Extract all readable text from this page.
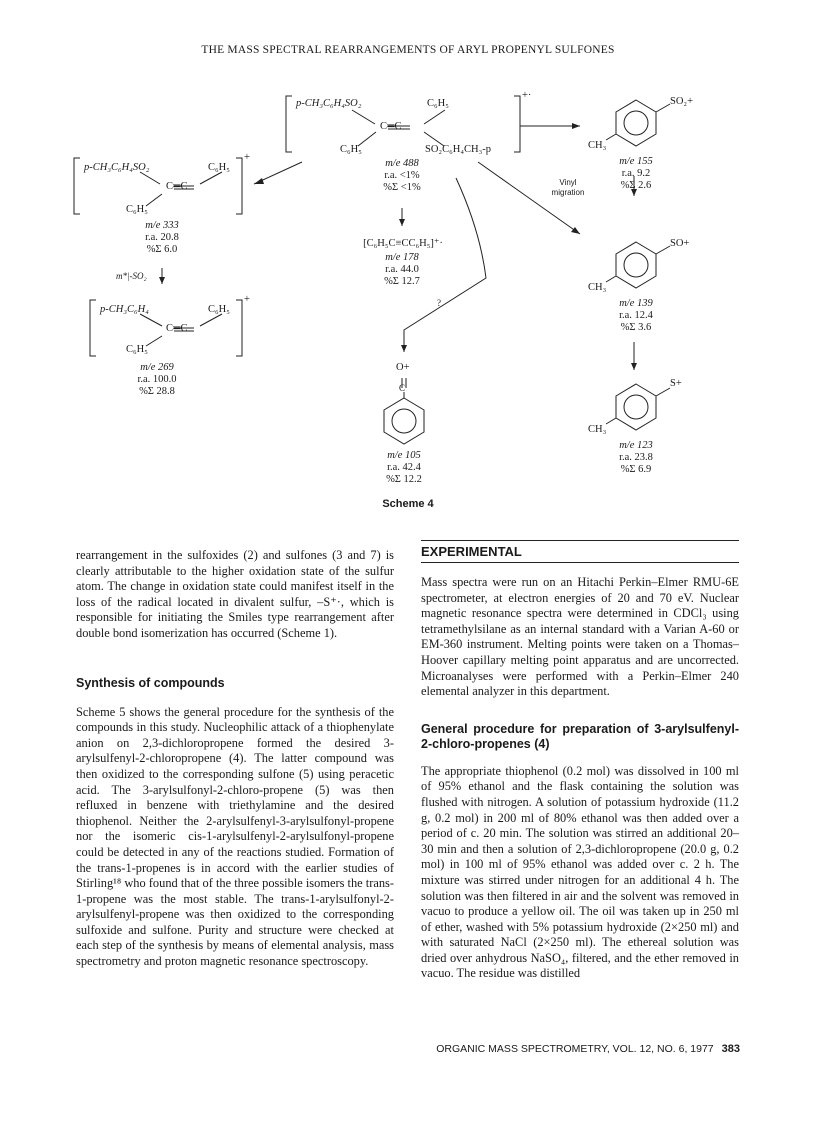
THE MASS SPECTRAL REARRANGEMENTS OF ARYL PROPENYL SULFONES
p-CH₃C₆H₄SO₂	C₆H₅
C═C
C₆H₅	SO₂C₆H₄CH₃-p
+·
m/e 488
r.a. <1%
%Σ <1%
p-CH₃C₆H₄SO₂	C₆H₅
C═C
C₆H₅
+
m/e 333
r.a. 20.8
%Σ 6.0
m*|-SO₂
p-CH₃C₆H₄	C₆H₅
C═C
C₆H₅
+
m/e 269
r.a. 100.0
%Σ 28.8
[C₆H₅C≡CC₆H₅]⁺·
m/e 178
r.a. 44.0
%Σ 12.7
?
O+
C
m/e 105
r.a. 42.4
%Σ 12.2
SO₂+
CH₃
m/e 155
r.a. 9.2
%Σ 2.6
Vinyl
migration
SO+
CH₃
m/e 139
r.a. 12.4
%Σ 3.6
S+
CH₃
m/e 123
r.a. 23.8
%Σ 6.9
Scheme 4

rearrangement in the sulfoxides (2) and sulfones (3 and 7) is clearly attributable to the higher oxidation state of the sulfur atom. The change in oxidation state could manifest itself in the loss of the radical located in divalent sulfur, –S⁺·, which is responsible for initiating the Smiles type rearrangement after double bond isomerization has occurred (Scheme 1).

Synthesis of compounds

Scheme 5 shows the general procedure for the synthesis of the compounds in this study. Nucleophilic attack of a thiophenylate anion on 2,3-dichloropropene formed the desired 3-arylsulfenyl-2-chloropropene (4). The latter compound was then oxidized to the corresponding sulfone (5) using peracetic acid. The 3-arylsulfonyl-2-chloro-propene (5) was then refluxed in benzene with triethylamine and the desired thiophenol. Neither the 2-arylsulfenyl-3-arylsulfonyl-propene nor the isomeric cis-1-arylsulfenyl-2-arylsulfonyl-propene could be detected in any of the reactions studied. Formation of the trans-1-propenes is in accord with the earlier studies of Stirling¹⁸ who found that of the three possible isomers the trans-1-propene was the most stable. The trans-1-arylsulfonyl-2-arylsulfenyl-propene was then oxidized to the corresponding sulfoxide and sulfone. Purity and structure were checked at each step of the synthesis by means of elemental analysis, mass spectrometry and proton magnetic resonance spectroscopy.

EXPERIMENTAL

Mass spectra were run on an Hitachi Perkin–Elmer RMU-6E spectrometer, at electron energies of 20 and 70 eV. Nuclear magnetic resonance spectra were determined in CDCl₃ using tetramethylsilane as an internal standard with a Varian A-60 or EM-360 instrument. Melting points were taken on a Thomas–Hoover capillary melting point apparatus and are uncorrected. Microanalyses were performed with a Perkin–Elmer 240 elemental analyzer in this department.

General procedure for preparation of 3-arylsulfenyl-2-chloro-propenes (4)

The appropriate thiophenol (0.2 mol) was dissolved in 100 ml of 95% ethanol and the flask containing the solution was flushed with nitrogen. A solution of potassium hydroxide (11.2 g, 0.2 mol) in 200 ml of 80% ethanol was then added over a period of c. 20 min. The solution was stirred an additional 20–30 min and then a solution of 2,3-dichloropropene (20.0 g, 0.2 mol) in 100 ml of 95% ethanol was added over c. 2 h. The mixture was stirred under nitrogen for an additional 4 h. The solution was then filtered in air and the solvent was removed in vacuo to produce a yellow oil. The oil was taken up in 250 ml of ether, washed with 5% potassium hydroxide (2×250 ml) and with saturated NaCl (2×250 ml). The ethereal solution was dried over anhydrous NaSO₄, filtered, and the ether removed in vacuo. The residue was distilled

ORGANIC MASS SPECTROMETRY, VOL. 12, NO. 6, 1977 383
